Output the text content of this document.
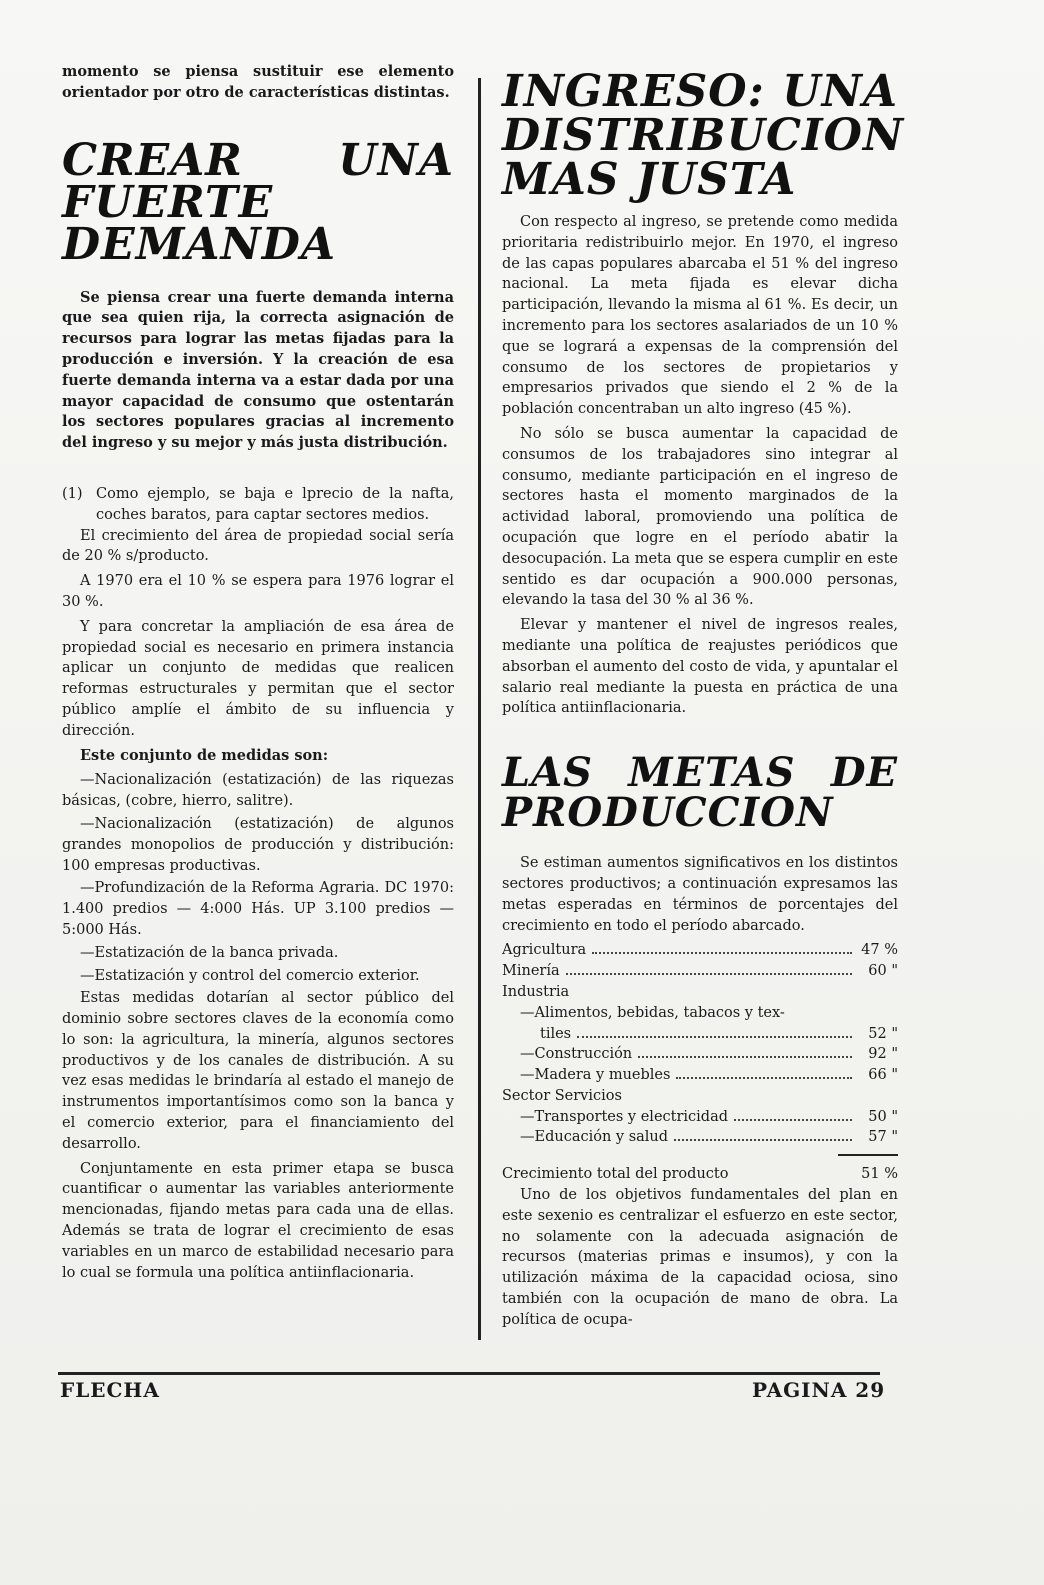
momento se piensa sustituir ese elemento orientador por otro de características distintas.

CREAR UNA FUERTE DEMANDA

Se piensa crear una fuerte demanda interna que sea quien rija, la correcta asignación de recursos para lograr las metas fijadas para la producción e inversión. Y la creación de esa fuerte demanda interna va a estar dada por una mayor capacidad de consumo que ostentarán los sectores populares gracias al incremento del ingreso y su mejor y más justa distribución.

(1) Como ejemplo, se baja e lprecio de la nafta, coches baratos, para captar sectores medios.

El crecimiento del área de propiedad social sería de 20 % s/producto.

A 1970 era el 10 % se espera para 1976 lograr el 30 %.

Y para concretar la ampliación de esa área de propiedad social es necesario en primera instancia aplicar un conjunto de medidas que realicen reformas estructurales y permitan que el sector público amplíe el ámbito de su influencia y dirección.

Este conjunto de medidas son:

—Nacionalización (estatización) de las riquezas básicas, (cobre, hierro, salitre).
—Nacionalización (estatización) de algunos grandes monopolios de producción y distribución: 100 empresas productivas.
—Profundización de la Reforma Agraria. DC 1970: 1.400 predios — 4:000 Hás. UP 3.100 predios — 5:000 Hás.
—Estatización de la banca privada.
—Estatización y control del comercio exterior.

Estas medidas dotarían al sector público del dominio sobre sectores claves de la economía como lo son: la agricultura, la minería, algunos sectores productivos y de los canales de distribución. A su vez esas medidas le brindaría al estado el manejo de instrumentos importantísimos como son la banca y el comercio exterior, para el financiamiento del desarrollo.

Conjuntamente en esta primer etapa se busca cuantificar o aumentar las variables anteriormente mencionadas, fijando metas para cada una de ellas. Además se trata de lograr el crecimiento de esas variables en un marco de estabilidad necesario para lo cual se formula una política antiinflacionaria.

INGRESO: UNA DISTRIBUCION MAS JUSTA

Con respecto al ingreso, se pretende como medida prioritaria redistribuirlo mejor. En 1970, el ingreso de las capas populares abarcaba el 51 % del ingreso nacional. La meta fijada es elevar dicha participación, llevando la misma al 61 %. Es decir, un incremento para los sectores asalariados de un 10 % que se logrará a expensas de la comprensión del consumo de los sectores de propietarios y empresarios privados que siendo el 2 % de la población concentraban un alto ingreso (45 %).

No sólo se busca aumentar la capacidad de consumos de los trabajadores sino integrar al consumo, mediante participación en el ingreso de sectores hasta el momento marginados de la actividad laboral, promoviendo una política de ocupación que logre en el período abatir la desocupación. La meta que se espera cumplir en este sentido es dar ocupación a 900.000 personas, elevando la tasa del 30 % al 36 %.

Elevar y mantener el nivel de ingresos reales, mediante una política de reajustes periódicos que absorban el aumento del costo de vida, y apuntalar el salario real mediante la puesta en práctica de una política antiinflacionaria.

LAS METAS DE PRODUCCION

Se estiman aumentos significativos en los distintos sectores productivos; a continuación expresamos las metas esperadas en términos de porcentajes del crecimiento en todo el período abarcado.

Agricultura	47 %
Minería	60 "
Industria
—Alimentos, bebidas, tabacos y tex-
tiles	52 "
—Construcción	92 "
—Madera y muebles	66 "
Sector Servicios
—Transportes y electricidad	50 "
—Educación y salud	57 "
Crecimiento total del producto	51 %

Uno de los objetivos fundamentales del plan en este sexenio es centralizar el esfuerzo en este sector, no solamente con la adecuada asignación de recursos (materias primas e insumos), y con la utilización máxima de la capacidad ociosa, sino también con la ocupación de mano de obra. La política de ocupa-

FLECHA	PAGINA 29
